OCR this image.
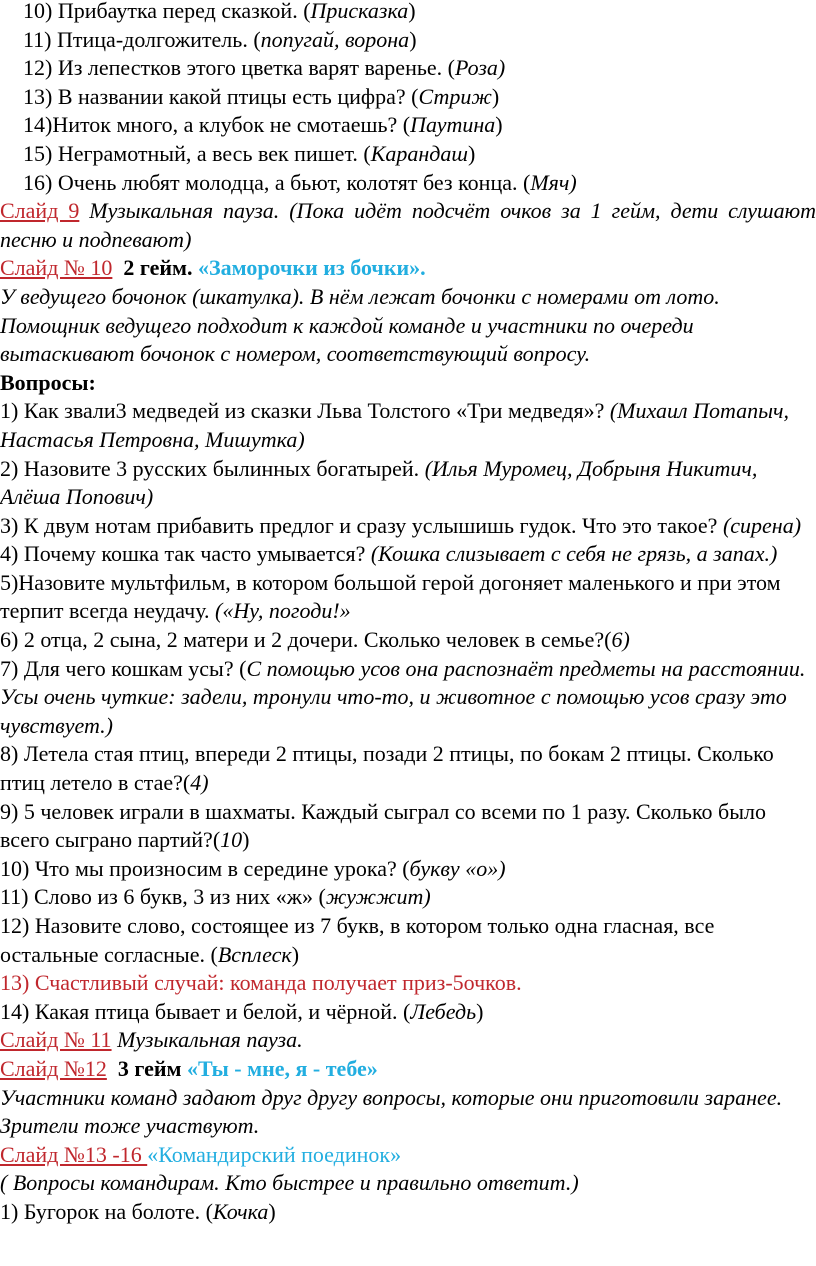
10) Прибаутка перед сказкой. (Присказка)

11) Птица-долгожитель. (попугай, ворона)

12) Из лепестков этого цветка варят варенье. (Роза)

13) В названии какой птицы есть цифра? (Стриж)

14)Ниток много, а клубок не смотаешь? (Паутина)

15) Неграмотный, а весь век пишет. (Карандаш)

16) Очень любят молодца, а бьют, колотят без конца. (Мяч)

Слайд 9 Музыкальная пауза. (Пока идёт подсчёт очков за 1 гейм, дети слушают песню и подпевают)

Слайд № 10 2 гейм. «Заморочки из бочки».

У ведущего бочонок (шкатулка). В нём лежат бочонки с номерами от лото. Помощник ведущего подходит к каждой команде и участники по очереди вытаскивают бочонок с номером, соответствующий вопросу.

Вопросы:

1) Как звали3 медведей из сказки Льва Толстого «Три медведя»? (Михаил Потапыч, Настасья Петровна, Мишутка)

2) Назовите 3 русских былинных богатырей. (Илья Муромец, Добрыня Никитич, Алёша Попович)

3) К двум нотам прибавить предлог и сразу услышишь гудок. Что это такое? (сирена)

4) Почему кошка так часто умывается? (Кошка слизывает с себя не грязь, а запах.)

5)Назовите мультфильм, в котором большой герой догоняет маленького и при этом терпит всегда неудачу. («Ну, погоди!»

6) 2 отца, 2 сына, 2 матери и 2 дочери. Сколько человек в семье?(6)

7) Для чего кошкам усы? (С помощью усов она распознаёт предметы на расстоянии. Усы очень чуткие: задели, тронули что-то, и животное с помощью усов сразу это чувствует.)

8) Летела стая птиц, впереди 2 птицы, позади 2 птицы, по бокам 2 птицы. Сколько птиц летело в стае?(4)

9) 5 человек играли в шахматы. Каждый сыграл со всеми по 1 разу. Сколько было всего сыграно партий?(10)

10) Что мы произносим в середине урока? (букву «о»)

11) Слово из 6 букв, 3 из них «ж» (жужжит)

12) Назовите слово, состоящее из 7 букв, в котором только одна гласная, все остальные согласные. (Всплеск)

13) Счастливый случай: команда получает приз-5очков.

14) Какая птица бывает и белой, и чёрной. (Лебедь)

Слайд № 11 Музыкальная пауза.

Слайд №12 3 гейм «Ты - мне, я - тебе»

Участники команд задают друг другу вопросы, которые они приготовили заранее. Зрители тоже участвуют.

Слайд №13 -16 «Командирский поединок»

( Вопросы командирам. Кто быстрее и правильно ответит.)

1) Бугорок на болоте. (Кочка)
